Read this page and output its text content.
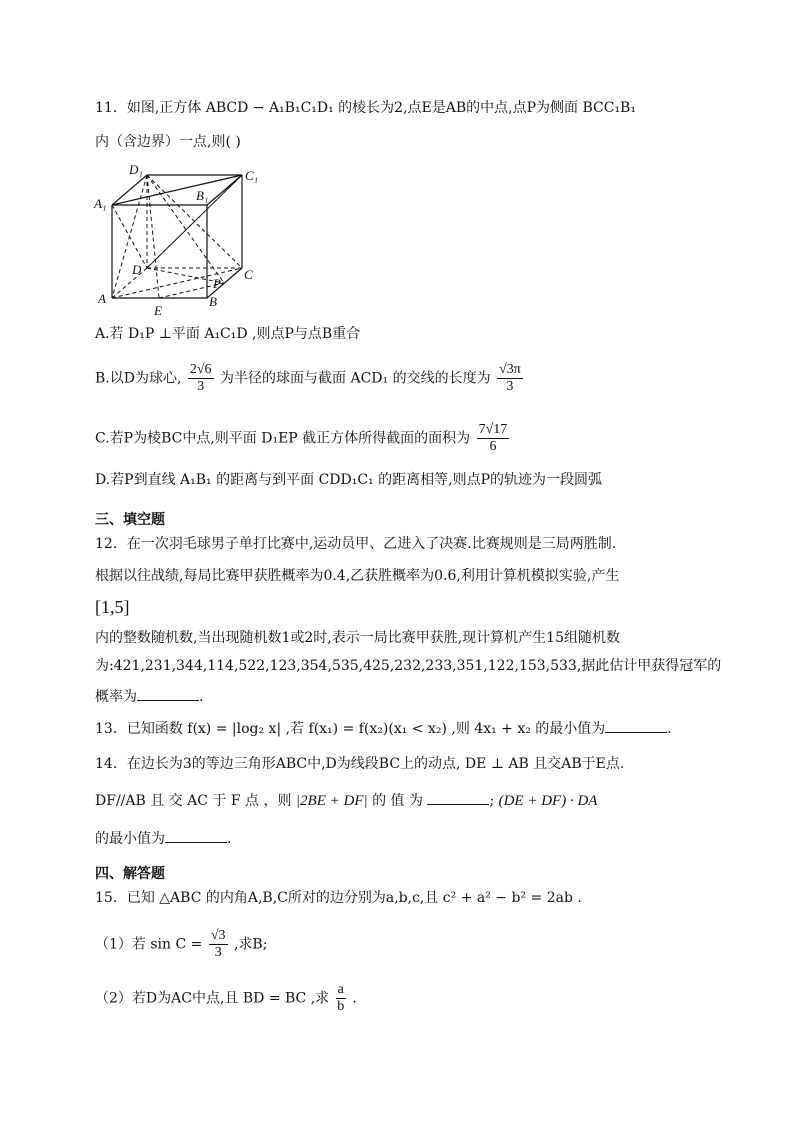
11．如图,正方体 ABCD − A₁B₁C₁D₁ 的棱长为2,点E是AB的中点,点P为侧面 BCC₁B₁
内（含边界）一点,则( )
D₁	C₁
A₁
B₁
D	C
P
A	B
E
A.若 D₁P ⊥平面 A₁C₁D ,则点P与点B重合
B.以D为球心, $\frac{2√6}{3}$ 为半径的球面与截面 ACD₁ 的交线的长度为 $\frac{√3\pi}{3}$
C.若P为棱BC中点,则平面 D₁EP 截正方体所得截面的面积为 $\frac{7√17}{6}$
D.若P到直线 A₁B₁ 的距离与到平面 CDD₁C₁ 的距离相等,则点P的轨迹为一段圆弧
三、填空题
12．在一次羽毛球男子单打比赛中,运动员甲、乙进入了决赛.比赛规则是三局两胜制.
根据以往战绩,每局比赛甲获胜概率为0.4,乙获胜概率为0.6,利用计算机模拟实验,产生
[1,5]
内的整数随机数,当出现随机数1或2时,表示一局比赛甲获胜,现计算机产生15组随机数
为:421,231,344,114,522,123,354,535,425,232,233,351,122,153,533,据此估计甲获得冠军的
概率为	.
13．已知函数 f(x) = |log₂ x| ,若 f(x₁) = f(x₂)(x₁ < x₂) ,则 4x₁ + x₂ 的最小值为	.
14．在边长为3的等边三角形ABC中,D为线段BC上的动点, DE ⊥ AB 且交AB于E点.
DF//AB 且 交 AC 于 F 点 ，则 |2BE + DF| 的 值 为	; (DE + DF) · DA
的最小值为	.
四、解答题
15．已知 △ABC 的内角A,B,C所对的边分别为a,b,c,且 c² + a² − b² = 2ab .
（1）若 $\sin C = \frac{√3}{3}$ ,求B;
（2）若D为AC中点,且 BD = BC ,求 $\frac{a}{b}$ .
